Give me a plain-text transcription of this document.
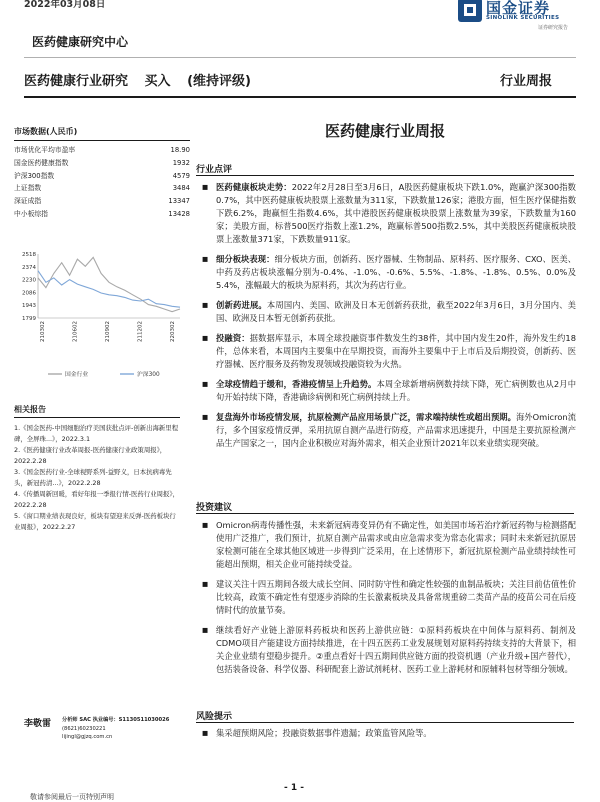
2022年03月08日	国金证券
SINOLINK SECURITIES
证券研究报告
医药健康研究中心
医药健康行业研究 买入 (维持评级)	行业周报
市场数据(人民币)
市场优化平均市盈率	18.90
国金医药健康指数	1932
沪深300指数	4579
上证指数	3484
深证成指	13347
中小板综指	13428
2518
2374
2230
2086
1943
1799
210302	210602	210902	211202	220302
国金行业	沪深300
相关报告
1.《国金医药-中国细胞治疗美国获批点评-创新出海新里程碑，全屏珠...》，2022.3.1
2.《医药健康行业改革周报-医药健康行业政策周报》，2022.2.28
3.《国金医药行业-全球视野系列-益野义，日本抗病毒先头，新冠药清...》，2022.2.28
4.《传播周新回暖，看好年报一季报行情-医药行业周报》，2022.2.28
5.《窗口期业绩表现良好，板块有望迎来反弹-医药板块行业周报》，2022.2.27
李敬雷 分析师 SAC 执业编号：S1130511030026
(8621)60230221
lijingl@gjzq.com.cn
医药健康行业周报
行业点评
■ 医药健康板块走势：2022年2月28日至3月6日，A股医药健康板块下跌1.0%，跑赢沪深300指数0.7%，其中医药健康板块股票上涨数量为311家，下跌数量126家；港股方面，恒生医疗保健指数下跌6.2%，跑赢恒生指数4.6%，其中港股医药健康板块股票上涨数量为39家，下跌数量为160家；美股方面，标普500医疗指数上涨1.2%，跑赢标普500指数2.5%，其中美股医药健康板块股票上涨数量371家，下跌数量911家。
■ 细分板块表现：细分板块方面，创新药、医疗器械、生物制品、原料药、医疗服务、CXO、医美、中药及药店板块涨幅分别为-0.4%、-1.0%、-0.6%、5.5%、-1.8%、-1.8%、0.5%、0.0%及5.4%，涨幅最大的板块为原料药，其次为药店行业。
■ 创新药进展。本周国内、美国、欧洲及日本无创新药获批，截至2022年3月6日，3月分国内、美国、欧洲及日本暂无创新药获批。
■ 投融资：据数据库显示，本周全球投融资事件数发生约38件，其中国内发生20件，海外发生约18件，总体来看，本周国内主要集中在早期投资，而海外主要集中于上市后及后期投资，创新药、医疗器械、医疗服务及药物发现领域投融资较为火热。
■ 全球疫情趋于缓和，香港疫情呈上升趋势。本周全球新增病例数持续下降，死亡病例数也从2月中旬开始持续下降，香港确诊病例和死亡病例持续上升。
■ 复盘海外市场疫情发展，抗原检测产品应用场景广泛，需求端持续性或超出预期。海外Omicron流行，多个国家疫情反弹，采用抗原自测产品进行防疫，产品需求迅速提升，中国是主要抗原检测产品生产国家之一，国内企业积极应对海外需求，相关企业预计2021年以来业绩实现突破。
投资建议
■ Omicron病毒传播性强，未来新冠病毒变异仍有不确定性，如美国市场若治疗新冠药物与检测搭配使用广泛推广，我们预计，抗原自测产品需求或由应急需求变为常态化需求；同时未来新冠抗原居家检测可能在全球其他区域进一步得到广泛采用，在上述情形下，新冠抗原检测产品业绩持续性可能超出预期，相关企业可能持续受益。
■ 建议关注十四五期间各级大成长空间、同时防守性和确定性较强的血制品板块；关注目前估值性价比较高，政策不确定性有望逐步消除的生长激素板块及具备常规重磅二类苗产品的疫苗公司在后疫情时代的放量节奏。
■ 继续看好产业链上游原料药板块和医药上游供应链：①原料药板块在中间体与原料药、制剂及CDMO项目产能建设方面持续推进，在十四五医药工业发展规划对原料药持续支持的大背景下，相关企业业绩有望稳步提升。②重点看好十四五期间供应链方面的投资机遇（产业升级+国产替代），包括装备设备、科学仪器、科研配套上游试剂耗材、医药工业上游耗材和原辅料包材等细分领域。
风险提示
■ 集采超预期风险；投融资数据事件遗漏；政策监管风险等。
- 1 -
敬请参阅最后一页特别声明
